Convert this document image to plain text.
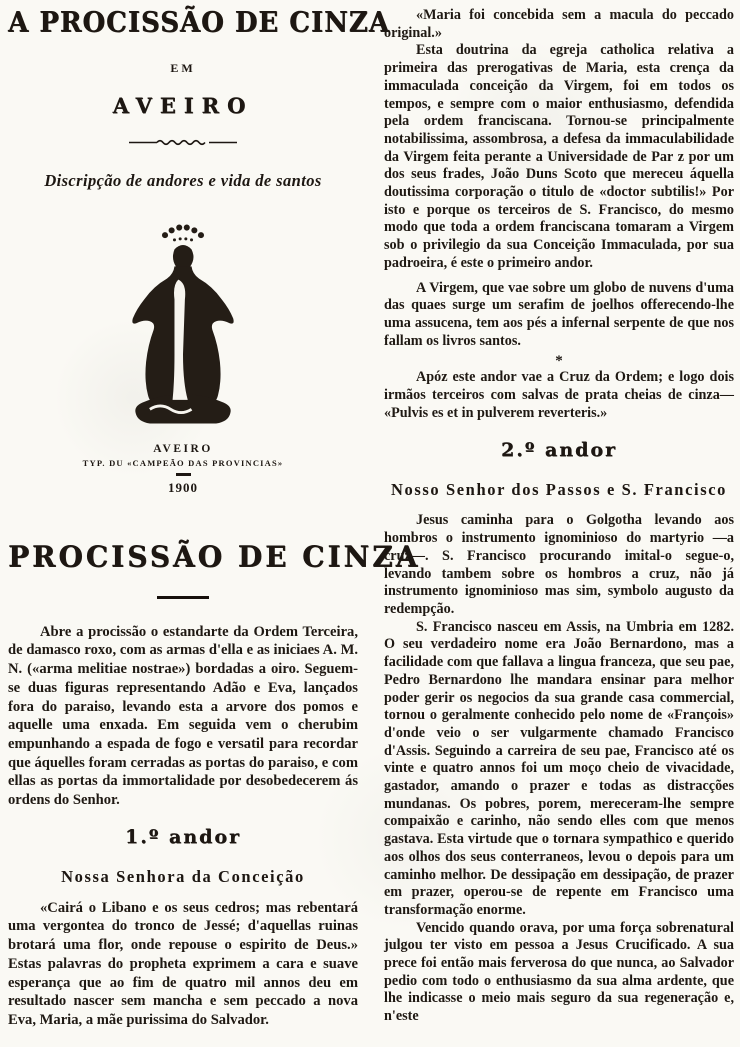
A PROCISSÃO DE CINZA
EM
AVEIRO
Discripção de andores e vida de santos
AVEIRO
TYP. DU «CAMPEÃO DAS PROVINCIAS»
1900
PROCISSÃO DE CINZA

Abre a procissão o estandarte da Ordem Terceira, de damasco roxo, com as armas d'ella e as iniciaes A. M. N. («arma melitiae nostrae») bordadas a oiro. Seguem-se duas figuras representando Adão e Eva, lançados fora do paraiso, levando esta a arvore dos pomos e aquelle uma enxada. Em seguida vem o cherubim empunhando a espada de fogo e versatil para recordar que áquelles foram cerradas as portas do paraiso, e com ellas as portas da immortalidade por desobedecerem ás ordens do Senhor.

1.º andor
Nossa Senhora da Conceição

«Cairá o Libano e os seus cedros; mas rebentará uma vergontea do tronco de Jessé; d'aquellas ruinas brotará uma flor, onde repouse o espirito de Deus.» Estas palavras do propheta exprimem a cara e suave esperança que ao fim de quatro mil annos deu em resultado nascer sem mancha e sem peccado a nova Eva, Maria, a mãe purissima do Salvador.

«Maria foi concebida sem a macula do peccado original.»

Esta doutrina da egreja catholica relativa a primeira das prerogativas de Maria, esta crença da immaculada conceição da Virgem, foi em todos os tempos, e sempre com o maior enthusiasmo, defendida pela ordem franciscana. Tornou-se principalmente notabilissima, assombrosa, a defesa da immaculabilidade da Virgem feita perante a Universidade de Par z por um dos seus frades, João Duns Scoto que mereceu áquella doutissima corporação o titulo de «doctor subtilis!» Por isto e porque os terceiros de S. Francisco, do mesmo modo que toda a ordem franciscana tomaram a Virgem sob o privilegio da sua Conceição Immaculada, por sua padroeira, é este o primeiro andor.

A Virgem, que vae sobre um globo de nuvens d'uma das quaes surge um serafim de joelhos offerecendo-lhe uma assucena, tem aos pés a infernal serpente de que nos fallam os livros santos.

*

Apóz este andor vae a Cruz da Ordem; e logo dois irmãos terceiros com salvas de prata cheias de cinza— «Pulvis es et in pulverem reverteris.»

2.º andor
Nosso Senhor dos Passos e S. Francisco

Jesus caminha para o Golgotha levando aos hombros o instrumento ignominioso do martyrio —a cruz—. S. Francisco procurando imital-o segue-o, levando tambem sobre os hombros a cruz, não já instrumento ignominioso mas sim, symbolo augusto da redempção.

S. Francisco nasceu em Assis, na Umbria em 1282. O seu verdadeiro nome era João Bernardono, mas a facilidade com que fallava a lingua franceza, que seu pae, Pedro Bernardono lhe mandara ensinar para melhor poder gerir os negocios da sua grande casa commercial, tornou o geralmente conhecido pelo nome de «François» d'onde veio o ser vulgarmente chamado Francisco d'Assis. Seguindo a carreira de seu pae, Francisco até os vinte e quatro annos foi um moço cheio de vivacidade, gastador, amando o prazer e todas as distracções mundanas. Os pobres, porem, mereceram-lhe sempre compaixão e carinho, não sendo elles com que menos gastava. Esta virtude que o tornara sympathico e querido aos olhos dos seus conterraneos, levou o depois para um caminho melhor. De dessipação em dessipação, de prazer em prazer, operou-se de repente em Francisco uma transformação enorme.

Vencido quando orava, por uma força sobrenatural julgou ter visto em pessoa a Jesus Crucificado. A sua prece foi então mais ferverosa do que nunca, ao Salvador pedio com todo o enthusiasmo da sua alma ardente, que lhe indicasse o meio mais seguro da sua regeneração e, n'este
